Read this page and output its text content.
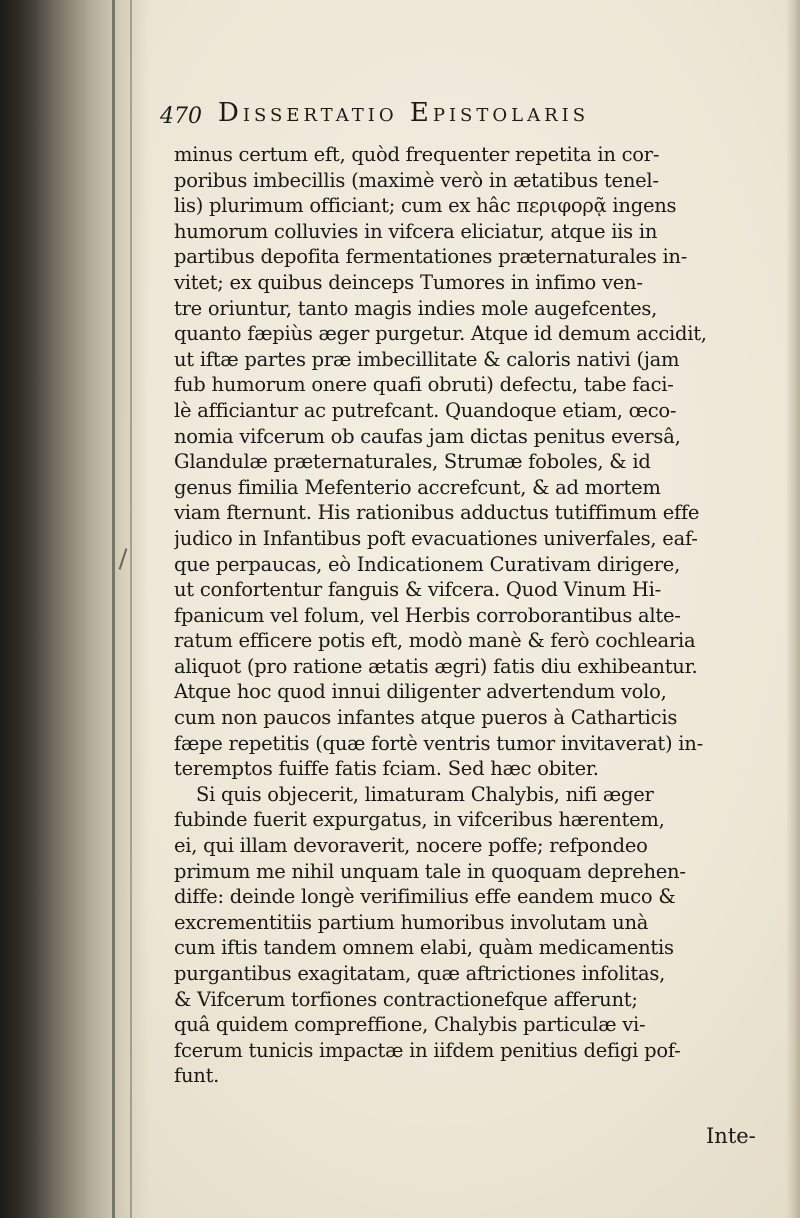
470 Dissertatio Epistolaris
minus certum eft, quòd frequenter repetita in cor-
poribus imbecillis (maximè verò in ætatibus tenel-
lis) plurimum officiant; cum ex hâc περιφορᾷ ingens
humorum colluvies in vifcera eliciatur, atque iis in
partibus depofita fermentationes præternaturales in-
vitet; ex quibus deinceps Tumores in infimo ven-
tre oriuntur, tanto magis indies mole augefcentes,
quanto fæpiùs æger purgetur. Atque id demum accidit,
ut iftæ partes præ imbecillitate & caloris nativi (jam
fub humorum onere quafi obruti) defectu, tabe faci-
lè afficiantur ac putrefcant. Quandoque etiam, œco-
nomia vifcerum ob caufas jam dictas penitus eversâ,
Glandulæ præternaturales, Strumæ foboles, & id
genus fimilia Mefenterio accrefcunt, & ad mortem
viam fternunt. His rationibus adductus tutiffimum effe
judico in Infantibus poft evacuationes univerfales, eaf-
que perpaucas, eò Indicationem Curativam dirigere,
ut confortentur fanguis & vifcera. Quod Vinum Hi-
fpanicum vel folum, vel Herbis corroborantibus alte-
ratum efficere potis eft, modò manè & ferò cochlearia
aliquot (pro ratione ætatis ægri) fatis diu exhibeantur.
Atque hoc quod innui diligenter advertendum volo,
cum non paucos infantes atque pueros à Catharticis
fæpe repetitis (quæ fortè ventris tumor invitaverat) in-
teremptos fuiffe fatis fciam. Sed hæc obiter.
Si quis objecerit, limaturam Chalybis, nifi æger
fubinde fuerit expurgatus, in vifceribus hærentem,
ei, qui illam devoraverit, nocere poffe; refpondeo
primum me nihil unquam tale in quoquam deprehen-
diffe: deinde longè verifimilius effe eandem muco &
excrementitiis partium humoribus involutam unà
cum iftis tandem omnem elabi, quàm medicamentis
purgantibus exagitatam, quæ aftrictiones infolitas,
& Vifcerum torfiones contractionefque afferunt;
quâ quidem compreffione, Chalybis particulæ vi-
fcerum tunicis impactæ in iifdem penitius defigi pof-
funt.
Inte-
